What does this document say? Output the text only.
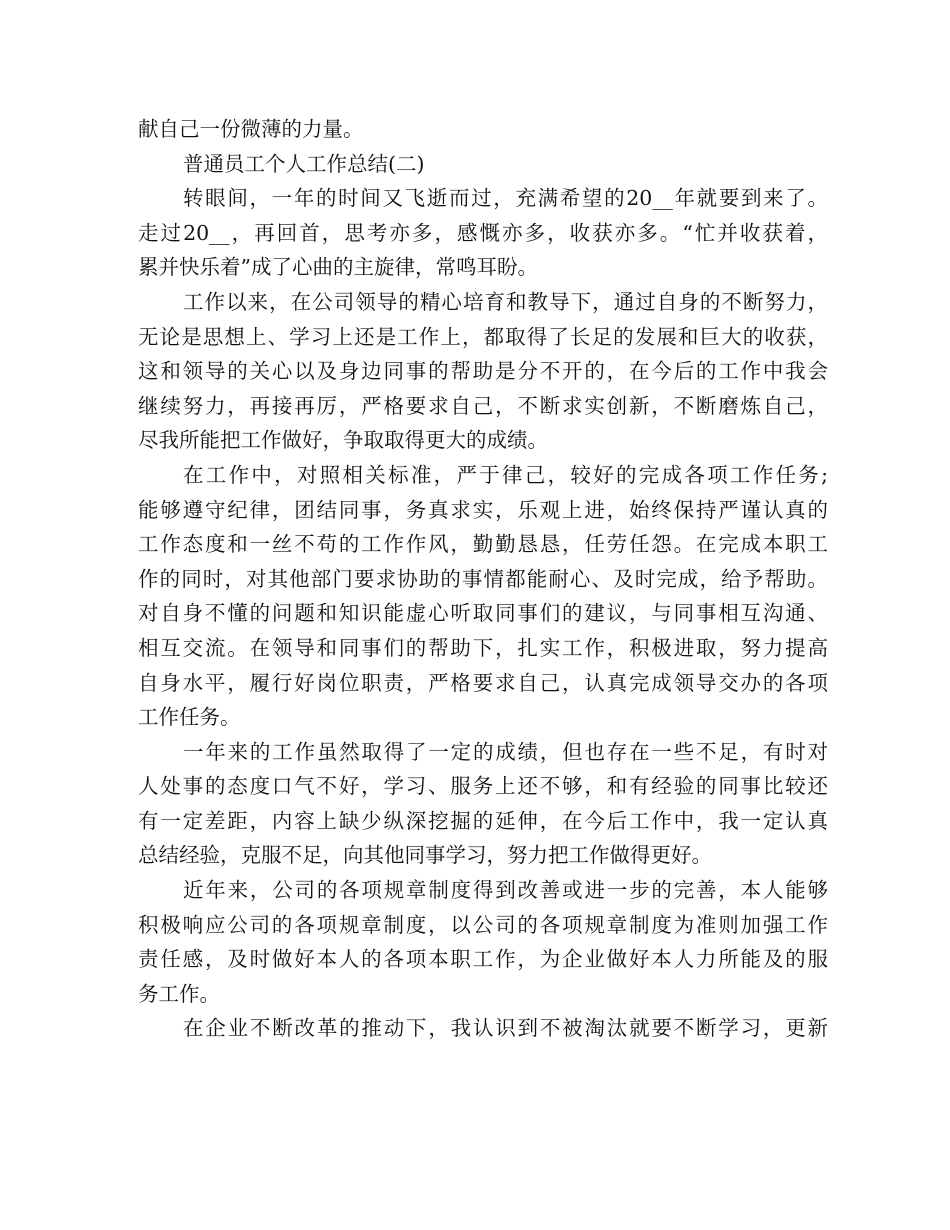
献自己一份微薄的力量。
普通员工个人工作总结(二)
转眼间，一年的时间又飞逝而过，充满希望的20__年就要到来了。
走过20__，再回首，思考亦多，感慨亦多，收获亦多。“忙并收获着，
累并快乐着”成了心曲的主旋律，常鸣耳盼。
工作以来，在公司领导的精心培育和教导下，通过自身的不断努力，
无论是思想上、学习上还是工作上，都取得了长足的发展和巨大的收获，
这和领导的关心以及身边同事的帮助是分不开的，在今后的工作中我会
继续努力，再接再厉，严格要求自己，不断求实创新，不断磨炼自己，
尽我所能把工作做好，争取取得更大的成绩。
在工作中，对照相关标准，严于律己，较好的完成各项工作任务;
能够遵守纪律，团结同事，务真求实，乐观上进，始终保持严谨认真的
工作态度和一丝不苟的工作作风，勤勤恳恳，任劳任怨。在完成本职工
作的同时，对其他部门要求协助的事情都能耐心、及时完成，给予帮助。
对自身不懂的问题和知识能虚心听取同事们的建议，与同事相互沟通、
相互交流。在领导和同事们的帮助下，扎实工作，积极进取，努力提高
自身水平，履行好岗位职责，严格要求自己，认真完成领导交办的各项
工作任务。
一年来的工作虽然取得了一定的成绩，但也存在一些不足，有时对
人处事的态度口气不好，学习、服务上还不够，和有经验的同事比较还
有一定差距，内容上缺少纵深挖掘的延伸，在今后工作中，我一定认真
总结经验，克服不足，向其他同事学习，努力把工作做得更好。
近年来，公司的各项规章制度得到改善或进一步的完善，本人能够
积极响应公司的各项规章制度，以公司的各项规章制度为准则加强工作
责任感，及时做好本人的各项本职工作，为企业做好本人力所能及的服
务工作。
在企业不断改革的推动下，我认识到不被淘汰就要不断学习，更新
